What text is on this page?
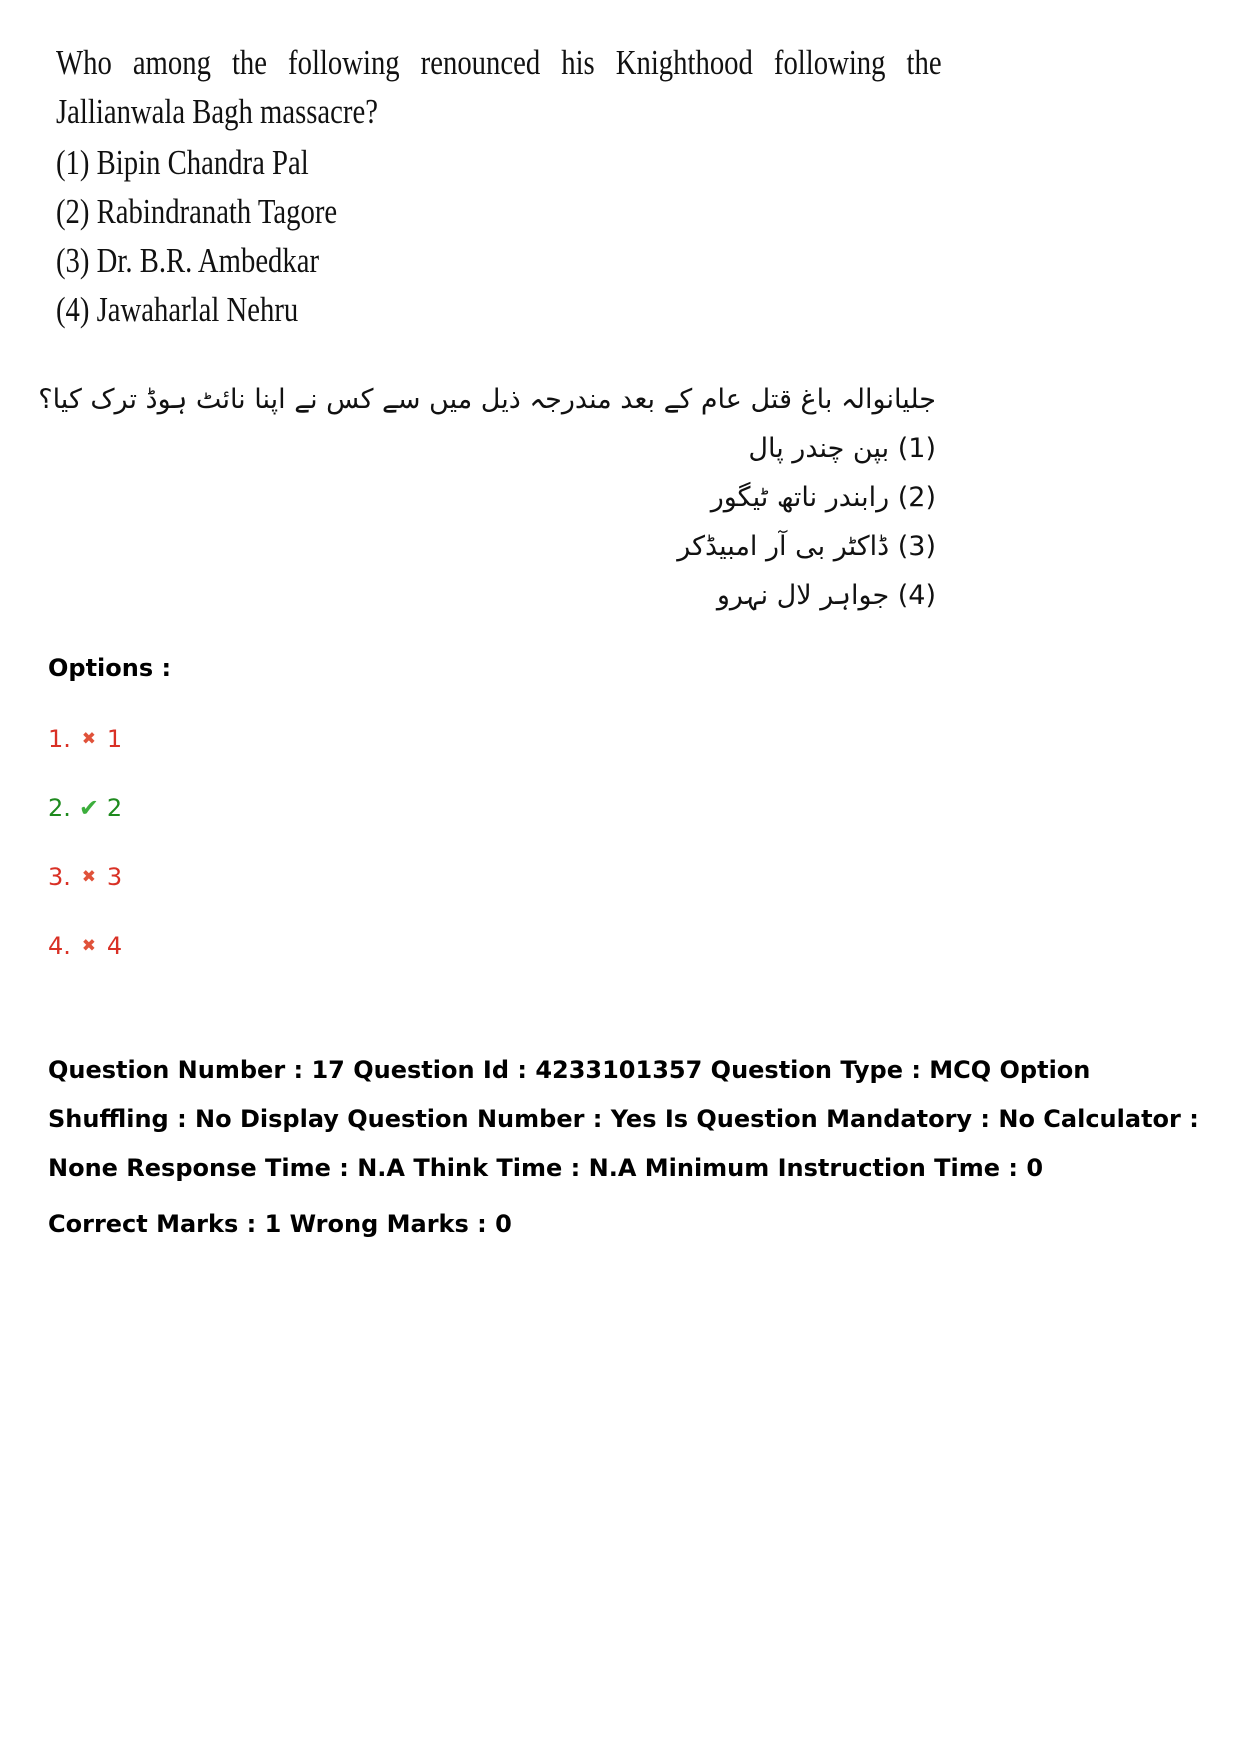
Who among the following renounced his Knighthood following the Jallianwala Bagh massacre?
(1) Bipin Chandra Pal
(2) Rabindranath Tagore
(3) Dr. B.R. Ambedkar
(4) Jawaharlal Nehru
جلیانوالہ باغ قتل عام کے بعد مندرجہ ذیل میں سے کس نے اپنا نائٹ ہوڈ ترک کیا؟
(1) بپن چندر پال
(2) رابندر ناتھ ٹیگور
(3) ڈاکٹر بی آر امبیڈکر
(4) جواہر لال نہرو

Options :

1. ✖ 1
2. ✔ 2
3. ✖ 3
4. ✖ 4

Question Number : 17 Question Id : 4233101357 Question Type : MCQ Option Shuffling : No Display Question Number : Yes Is Question Mandatory : No Calculator : None Response Time : N.A Think Time : N.A Minimum Instruction Time : 0

Correct Marks : 1 Wrong Marks : 0
